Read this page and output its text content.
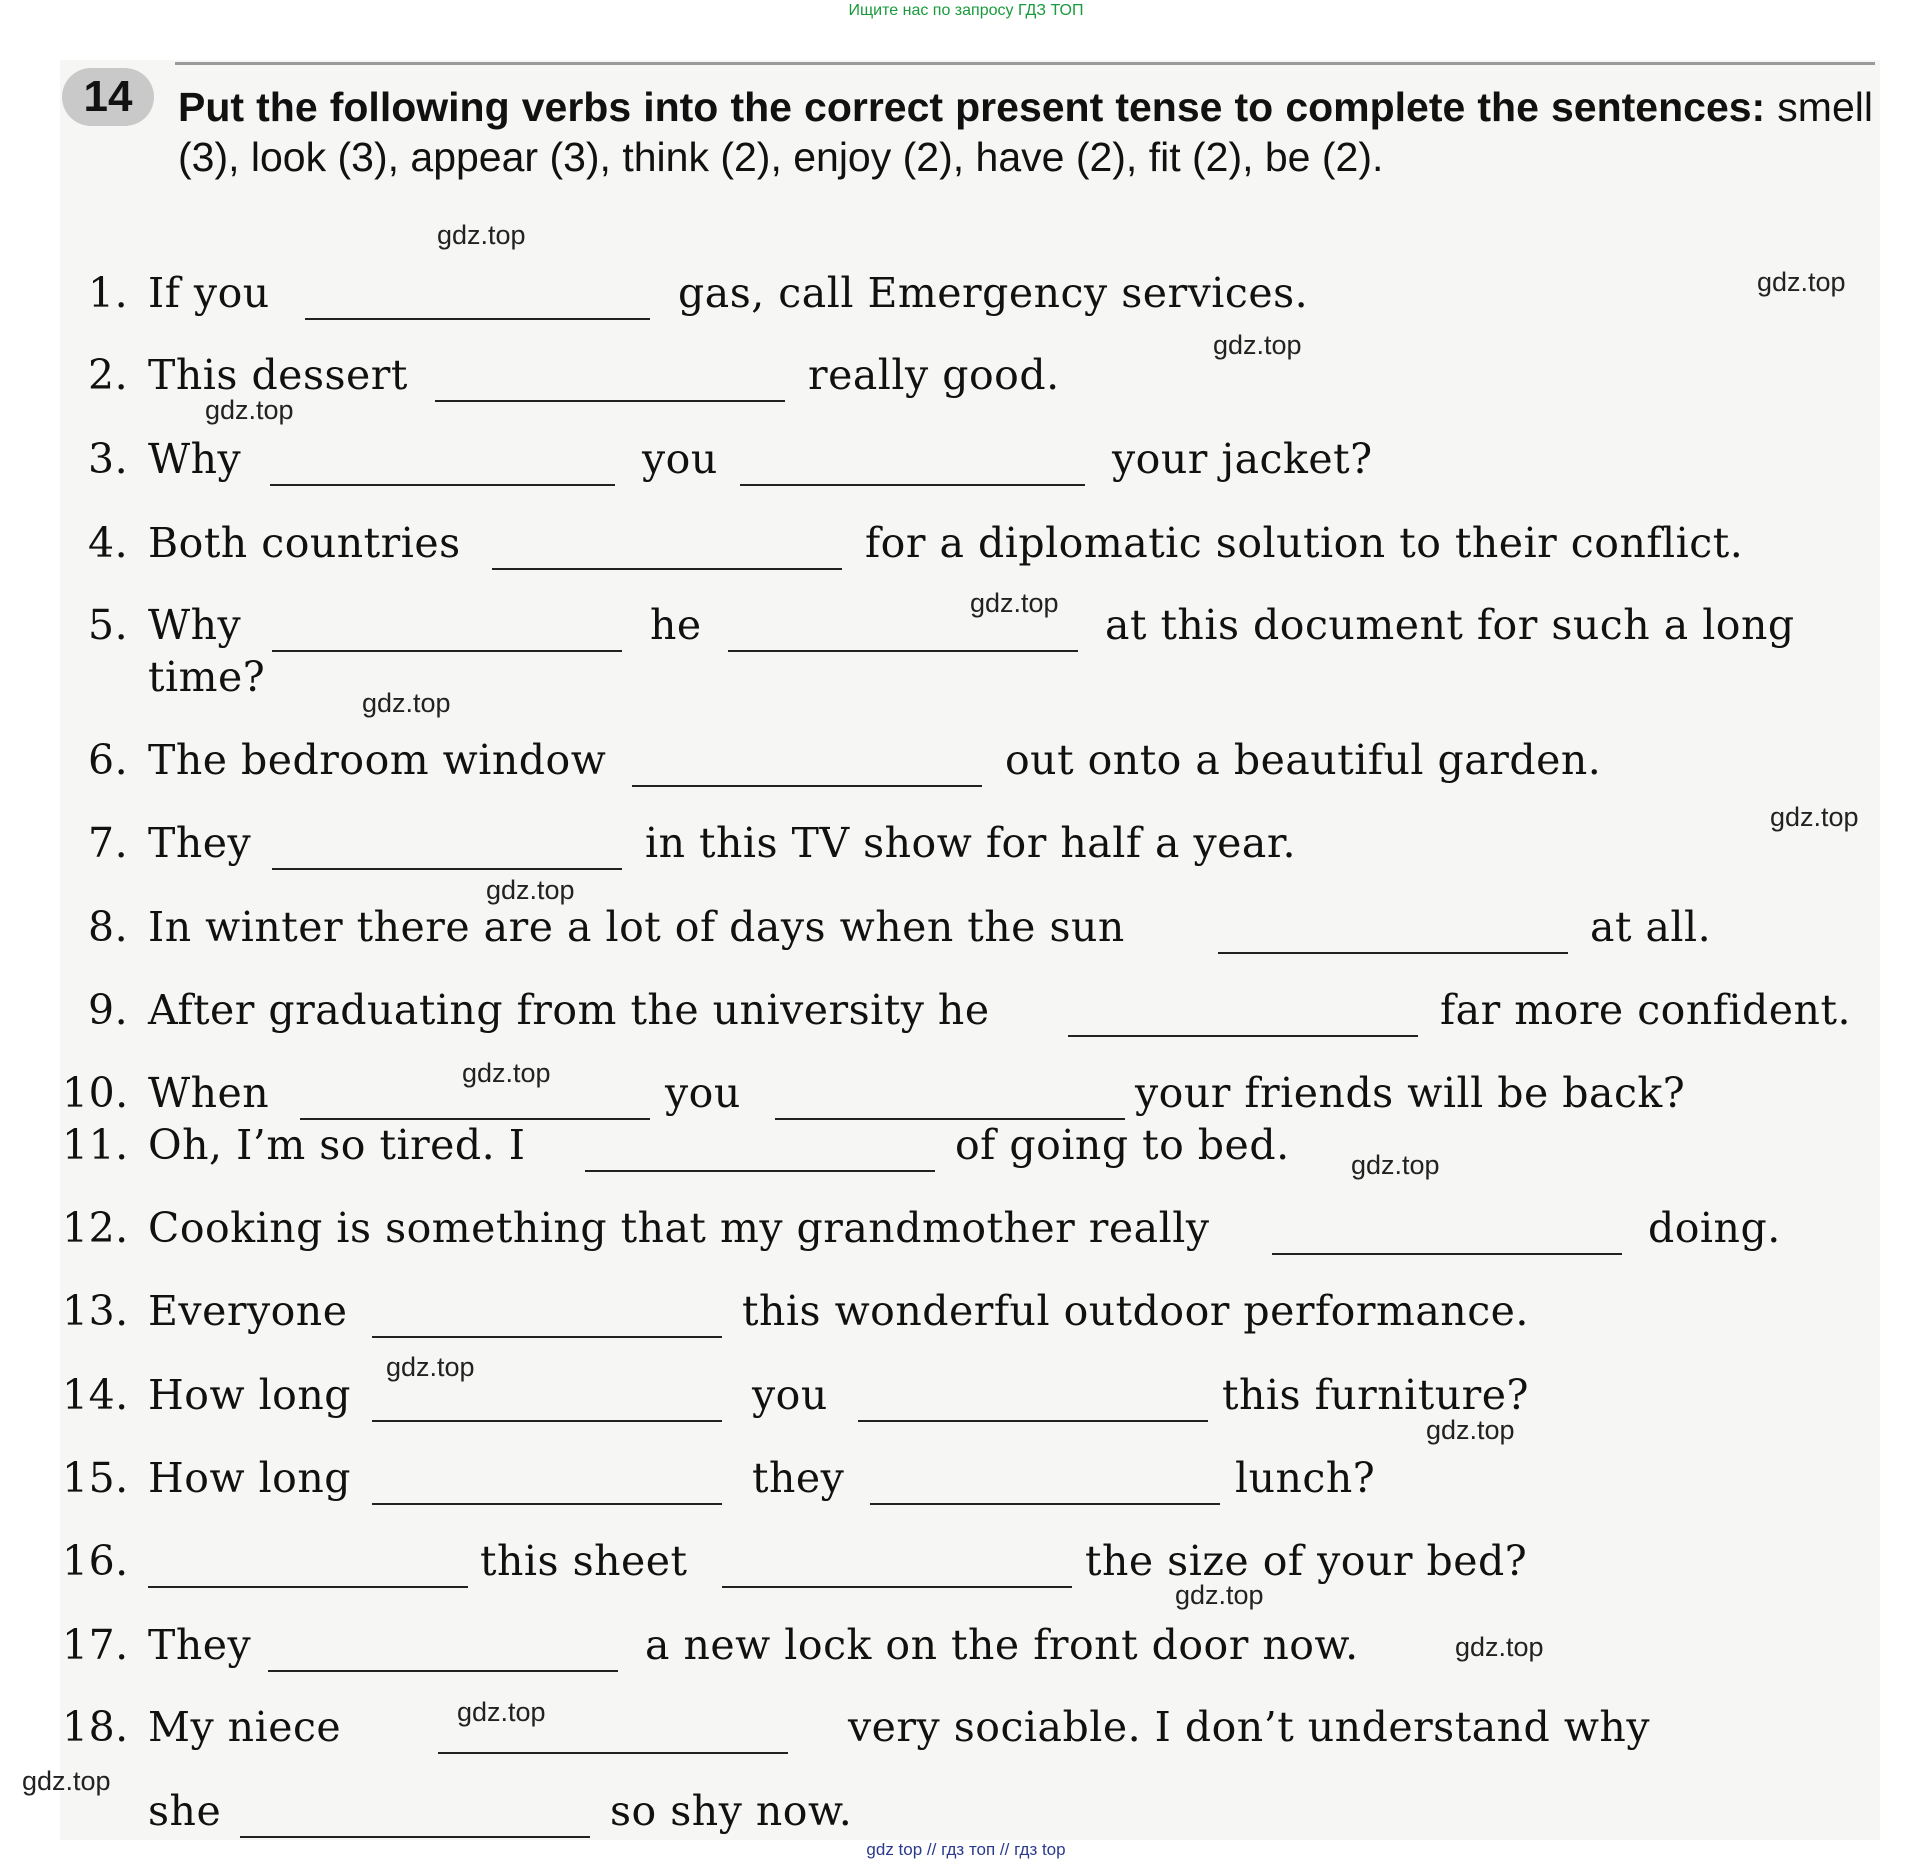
Ищите нас по запросу ГДЗ ТОП
14	Put the following verbs into the correct present tense to complete the sentences: smell (3), look (3), appear (3), think (2), enjoy (2), have (2), fit (2), be (2).
1. If you	gas, call Emergency services.
2. This dessert	really good.
3. Why	you	your jacket?
4. Both countries	for a diplomatic solution to their conflict.
5. Why	he	at this document for such a long
time?
6. The bedroom window	out onto a beautiful garden.
7. They	in this TV show for half a year.
8. In winter there are a lot of days when the sun	at all.
9. After graduating from the university he	far more confident.
10. When	you	your friends will be back?
11. Oh, I’m so tired. I	of going to bed.
12. Cooking is something that my grandmother really	doing.
13. Everyone	this wonderful outdoor performance.
14. How long	you	this furniture?
15. How long	they	lunch?
16.	this sheet	the size of your bed?
17. They	a new lock on the front door now.
18. My niece	very sociable. I don’t understand why
she	so shy now.
gdz.top
gdz.top
gdz.top
gdz.top
gdz.top
gdz.top
gdz.top
gdz.top
gdz.top
gdz.top
gdz.top
gdz.top
gdz.top
gdz.top
gdz.top
gdz.top
gdz top // гдз топ // гдз top
